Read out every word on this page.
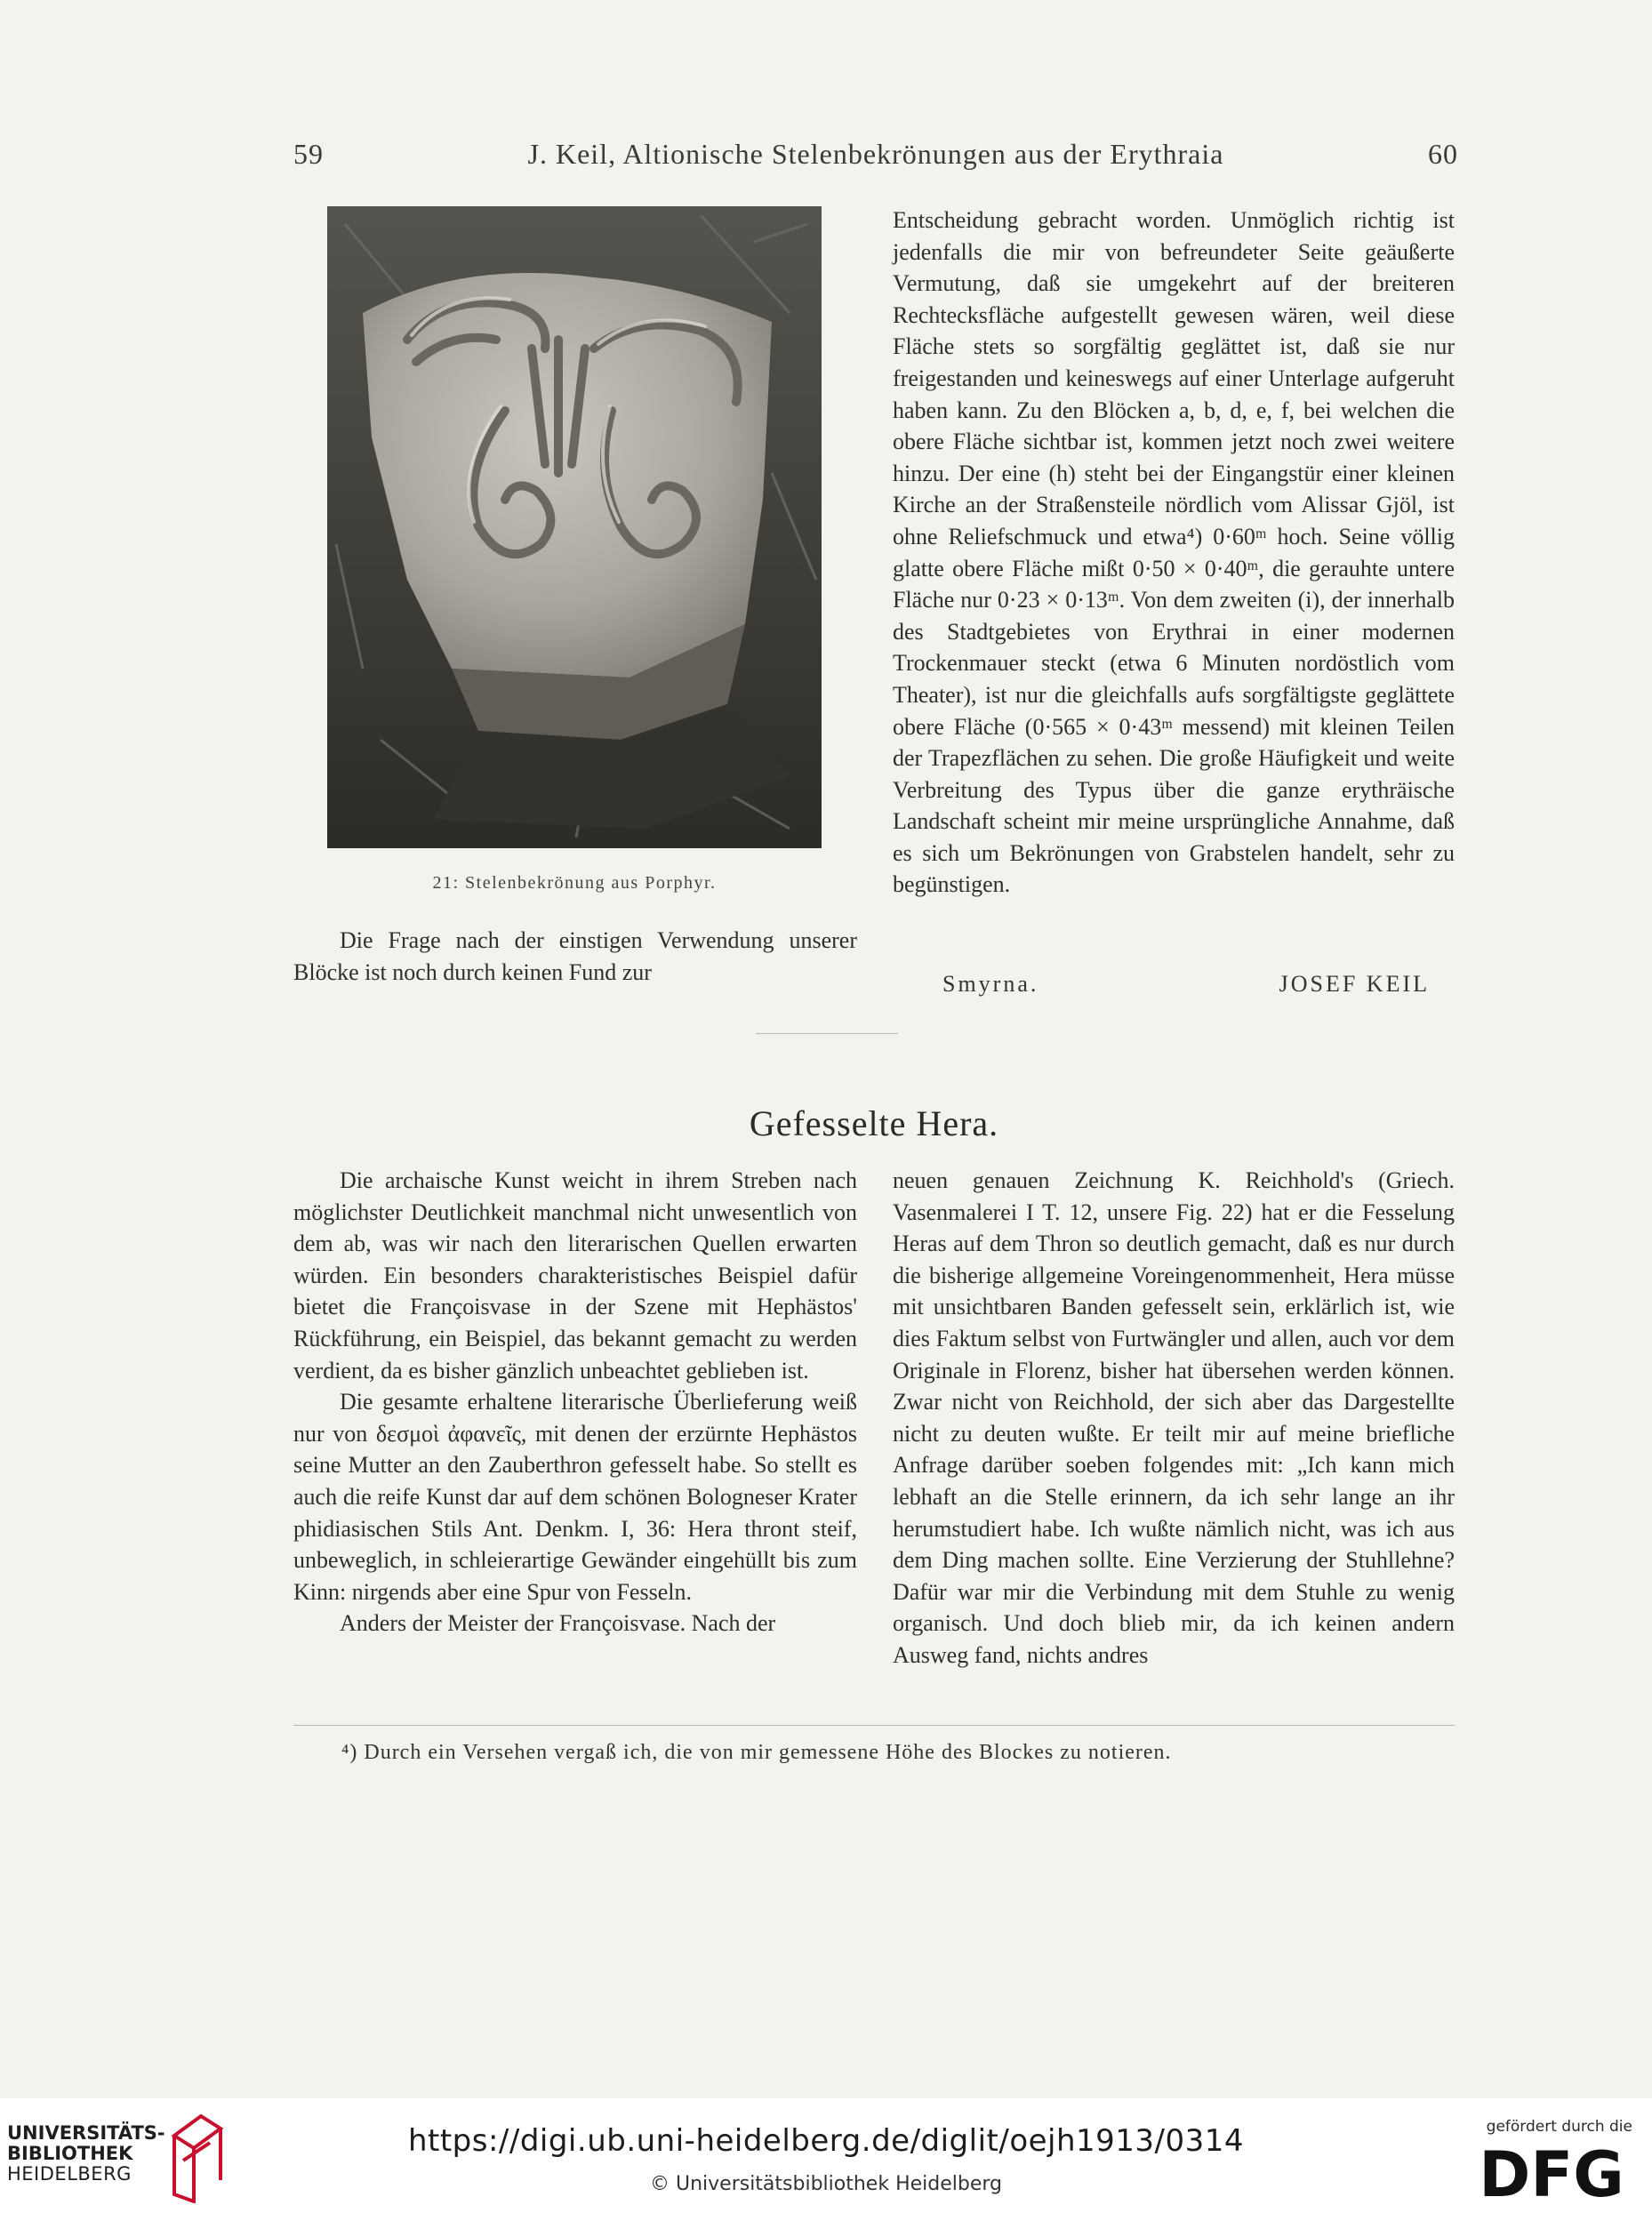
59	J. Keil, Altionische Stelenbekrönungen aus der Erythraia	60
21: Stelenbekrönung aus Porphyr.

Entscheidung gebracht worden. Unmöglich richtig ist jedenfalls die mir von befreundeter Seite geäußerte Vermutung, daß sie umgekehrt auf der breiteren Rechtecksfläche aufgestellt gewesen wären, weil diese Fläche stets so sorgfältig geglättet ist, daß sie nur freigestanden und keineswegs auf einer Unterlage aufgeruht haben kann. Zu den Blöcken a, b, d, e, f, bei welchen die obere Fläche sichtbar ist, kommen jetzt noch zwei weitere hinzu. Der eine (h) steht bei der Eingangstür einer kleinen Kirche an der Straßensteile nördlich vom Alissar Gjöl, ist ohne Reliefschmuck und etwa⁴) 0·60ᵐ hoch. Seine völlig glatte obere Fläche mißt 0·50 × 0·40ᵐ, die gerauhte untere Fläche nur 0·23 × 0·13ᵐ. Von dem zweiten (i), der innerhalb des Stadtgebietes von Erythrai in einer modernen Trockenmauer steckt (etwa 6 Minuten nordöstlich vom Theater), ist nur die gleichfalls aufs sorgfältigste geglättete obere Fläche (0·565 × 0·43ᵐ messend) mit kleinen Teilen der Trapezflächen zu sehen. Die große Häufigkeit und weite Verbreitung des Typus über die ganze erythräische Landschaft scheint mir meine ursprüngliche Annahme, daß es sich um Bekrönungen von Grabstelen handelt, sehr zu begünstigen.

Die Frage nach der einstigen Verwendung unserer Blöcke ist noch durch keinen Fund zur	Smyrna.	JOSEF KEIL
Gefesselte Hera.

Die archaische Kunst weicht in ihrem Streben nach möglichster Deutlichkeit manchmal nicht unwesentlich von dem ab, was wir nach den literarischen Quellen erwarten würden. Ein besonders charakteristisches Beispiel dafür bietet die Françoisvase in der Szene mit Hephästos' Rückführung, ein Beispiel, das bekannt gemacht zu werden verdient, da es bisher gänzlich unbeachtet geblieben ist.

Die gesamte erhaltene literarische Überlieferung weiß nur von δεσμοὶ ἀφανεῖς, mit denen der erzürnte Hephästos seine Mutter an den Zauberthron gefesselt habe. So stellt es auch die reife Kunst dar auf dem schönen Bologneser Krater phidiasischen Stils Ant. Denkm. I, 36: Hera thront steif, unbeweglich, in schleierartige Gewänder eingehüllt bis zum Kinn: nirgends aber eine Spur von Fesseln.

Anders der Meister der Françoisvase. Nach der

neuen genauen Zeichnung K. Reichhold's (Griech. Vasenmalerei I T. 12, unsere Fig. 22) hat er die Fesselung Heras auf dem Thron so deutlich gemacht, daß es nur durch die bisherige allgemeine Voreingenommenheit, Hera müsse mit unsichtbaren Banden gefesselt sein, erklärlich ist, wie dies Faktum selbst von Furtwängler und allen, auch vor dem Originale in Florenz, bisher hat übersehen werden können. Zwar nicht von Reichhold, der sich aber das Dargestellte nicht zu deuten wußte. Er teilt mir auf meine briefliche Anfrage darüber soeben folgendes mit: „Ich kann mich lebhaft an die Stelle erinnern, da ich sehr lange an ihr herumstudiert habe. Ich wußte nämlich nicht, was ich aus dem Ding machen sollte. Eine Verzierung der Stuhllehne? Dafür war mir die Verbindung mit dem Stuhle zu wenig organisch. Und doch blieb mir, da ich keinen andern Ausweg fand, nichts andres

⁴) Durch ein Versehen vergaß ich, die von mir gemessene Höhe des Blockes zu notieren.
UNIVERSITÄTS-
BIBLIOTHEK
HEIDELBERG
https://digi.ub.uni-heidelberg.de/diglit/oejh1913/0314
© Universitätsbibliothek Heidelberg
gefördert durch die
DFG
